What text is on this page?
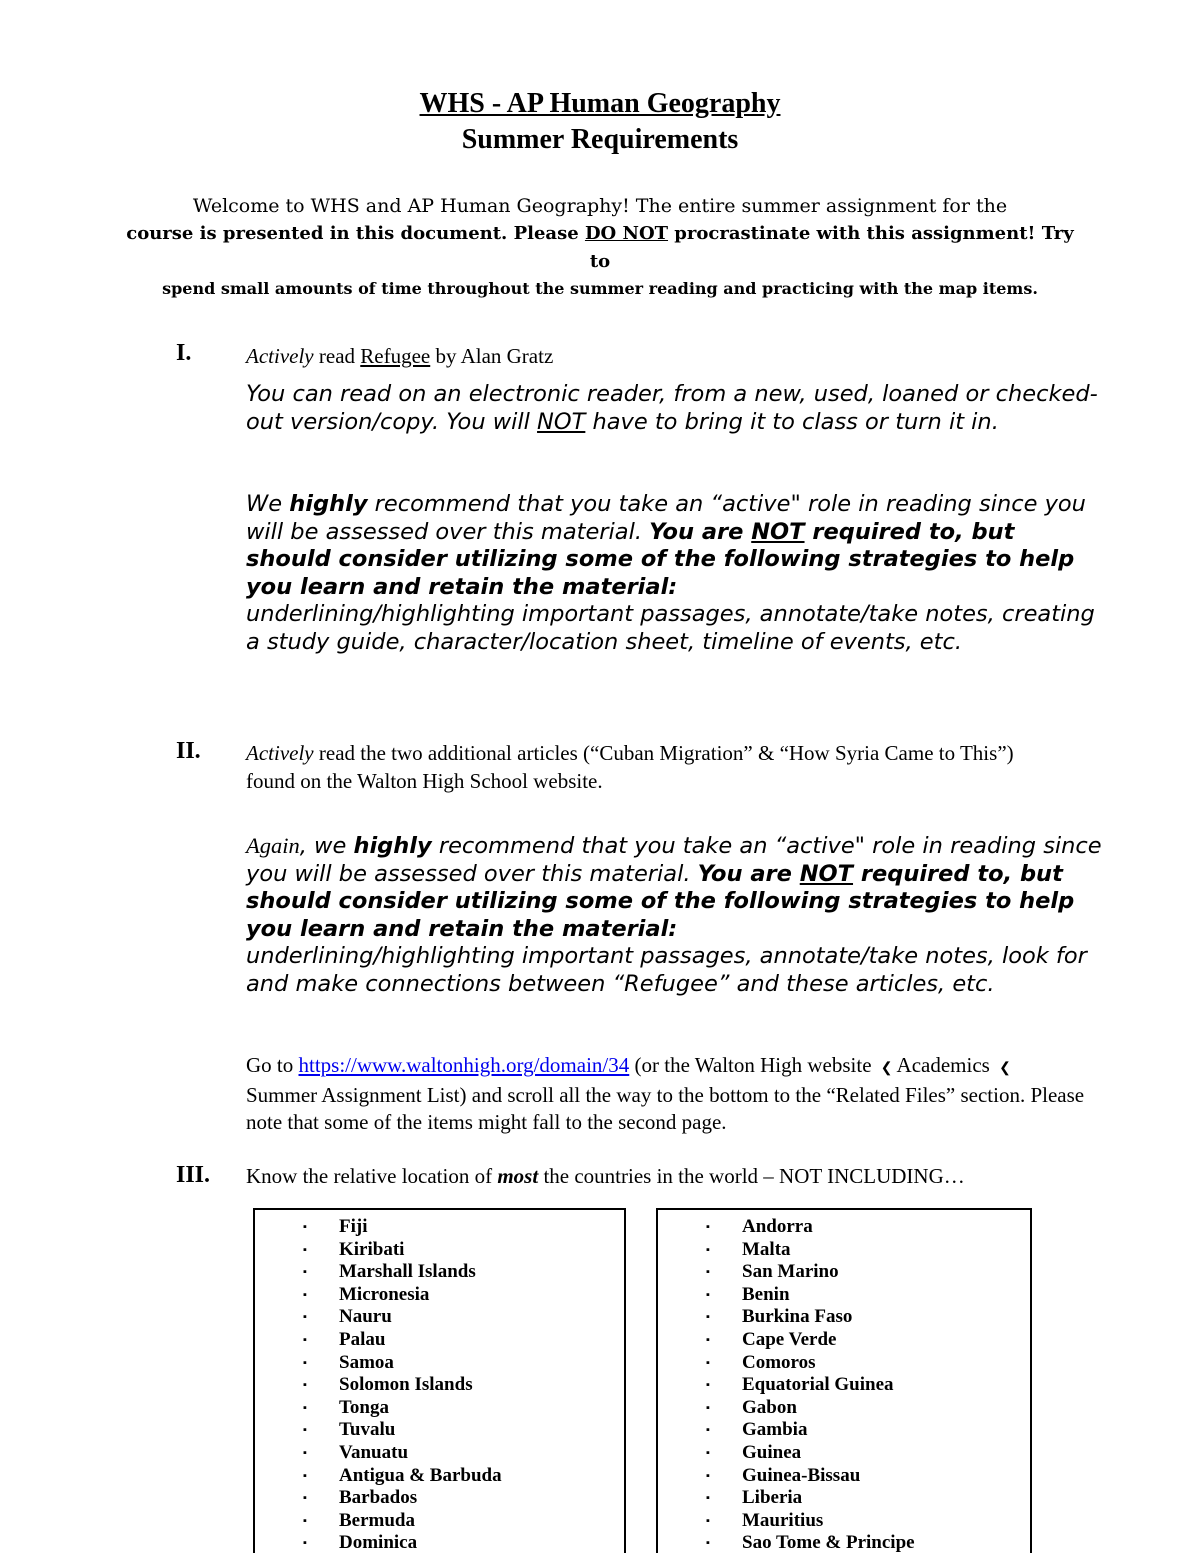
WHS - AP Human Geography
Summer Requirements
Welcome to WHS and AP Human Geography! The entire summer assignment for the
course is presented in this document. Please DO NOT procrastinate with this assignment! Try to
spend small amounts of time throughout the summer reading and practicing with the map items.
I.	Actively read Refugee by Alan Gratz
You can read on an electronic reader, from a new, used, loaned or checked-out version/copy. You will NOT have to bring it to class or turn it in.
We highly recommend that you take an “active" role in reading since you will be assessed over this material. You are NOT required to, but should consider utilizing some of the following strategies to help you learn and retain the material:
underlining/highlighting important passages, annotate/take notes, creating a study guide, character/location sheet, timeline of events, etc.
II. Actively read the two additional articles (“Cuban Migration” & “How Syria Came to This”) found on the Walton High School website.
Again, we highly recommend that you take an “active" role in reading since you will be assessed over this material. You are NOT required to, but should consider utilizing some of the following strategies to help you learn and retain the material:
underlining/highlighting important passages, annotate/take notes, look for and make connections between “Refugee” and these articles, etc.
Go to https://www.waltonhigh.org/domain/34 (or the Walton High website ❮ Academics ❮ Summer Assignment List) and scroll all the way to the bottom to the “Related Files” section. Please note that some of the items might fall to the second page.
III. Know the relative location of most the countries in the world – NOT INCLUDING…
▪ Fiji
▪ Kiribati
▪ Marshall Islands
▪ Micronesia
▪ Nauru
▪ Palau
▪ Samoa
▪ Solomon Islands
▪ Tonga
▪ Tuvalu
▪ Vanuatu
▪ Antigua & Barbuda
▪ Barbados
▪ Bermuda
▪ Dominica
▪ Andorra
▪ Malta
▪ San Marino
▪ Benin
▪ Burkina Faso
▪ Cape Verde
▪ Comoros
▪ Equatorial Guinea
▪ Gabon
▪ Gambia
▪ Guinea
▪ Guinea-Bissau
▪ Liberia
▪ Mauritius
▪ Sao Tome & Principe
